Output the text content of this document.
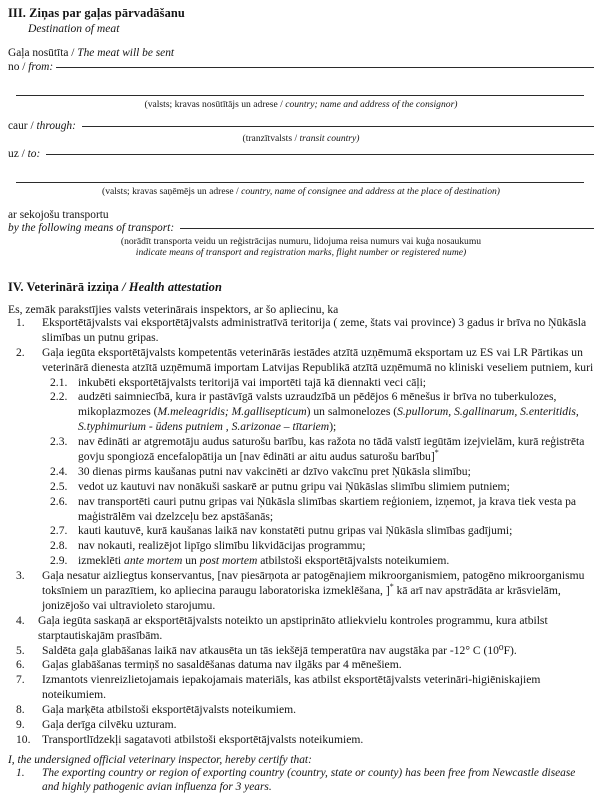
III. Ziņas par gaļas pārvadāšanu
Destination of meat
Gaļa nosūtīta / The meat will be sent
no / from:
(valsts; kravas nosūtītājs un adrese / country; name and address of the consignor)
caur / through:
(tranzītvalsts / transit country)
uz / to:
(valsts; kravas saņēmējs un adrese / country, name of consignee and address at the place of destination)
ar sekojošu transportu
by the following means of transport:
(norādīt transporta veidu un reģistrācijas numuru, lidojuma reisa numurs vai kuģa nosaukumu
indicate means of transport and registration marks, flight number or registered nume)
IV. Veterinārā izziņa / Health attestation
Es, zemāk parakstījies valsts veterinārais inspektors, ar šo apliecinu, ka
1.	Eksportētājvalsts vai eksportētājvalsts administratīvā teritorija ( zeme, štats vai province) 3 gadus ir brīva no Ņūkāsla slimības un putnu gripas.
2.	Gaļa iegūta eksportētājvalsts kompetentās veterinārās iestādes atzītā uzņēmumā eksportam uz ES vai LR Pārtikas un veterinārā dienesta atzītā uzņēmumā importam Latvijas Republikā atzītā uzņēmumā no kliniski veseliem putniem, kuri
2.1. inkubēti eksportētājvalsts teritorijā vai importēti tajā kā diennakti veci cāļi;
2.2. audzēti saimniecībā, kura ir pastāvīgā valsts uzraudzībā un pēdējos 6 mēnešus ir brīva no tuberkulozes, mikoplazmozes (M.meleagridis; M.gallisepticum) un salmonelozes (S.pullorum, S.gallinarum, S.enteritidis, S.typhimurium - ūdens putniem , S.arizonae – tītariem);
2.3. nav ēdināti ar atgremotāju audus saturošu barību, kas ražota no tādā valstī iegūtām izejvielām, kurā reģistrēta govju spongiozā encefalopātija un [nav ēdināti ar aitu audus saturošu barību]*
2.4. 30 dienas pirms kaušanas putni nav vakcinēti ar dzīvo vakcīnu pret Ņūkāsla slimību;
2.5. vedot uz kautuvi nav nonākuši saskarē ar putnu gripu vai Ņūkāslas slimību slimiem putniem;
2.6. nav transportēti cauri putnu gripas vai Ņūkāsla slimības skartiem reģioniem, izņemot, ja krava tiek vesta pa maģistrālēm vai dzelzceļu bez apstāšanās;
2.7. kauti kautuvē, kurā kaušanas laikā nav konstatēti putnu gripas vai Ņūkāsla slimības gadījumi;
2.8. nav nokauti, realizējot lipīgo slimību likvidācijas programmu;
2.9. izmeklēti ante mortem un post mortem atbilstoši eksportētājvalsts noteikumiem.
3.	Gaļa nesatur aizliegtus konservantus, [nav piesārņota ar patogēnajiem mikroorganismiem, patogēno mikroorganismu toksīniem un parazītiem, ko apliecina paraugu laboratoriska izmeklēšana, ]* kā arī nav apstrādāta ar krāsvielām, jonizējošo vai ultravioleto starojumu.
4.	Gaļa iegūta saskaņā ar eksportētājvalsts noteikto un apstiprināto atliekvielu kontroles programmu, kura atbilst starptautiskajām prasībām.
5.	Saldēta gaļa glabāšanas laikā nav atkausēta un tās iekšējā temperatūra nav augstāka par -12° C (10⁰F).
6.	Gaļas glabāšanas termiņš no sasaldēšanas datuma nav ilgāks par 4 mēnešiem.
7.	Izmantots vienreizlietojamais iepakojamais materiāls, kas atbilst eksportētājvalsts veterināri-higiēniskajiem noteikumiem.
8.	Gaļa marķēta atbilstoši eksportētājvalsts noteikumiem.
9.	Gaļa derīga cilvēku uzturam.
10. Transportlīdzekļi sagatavoti atbilstoši eksportētājvalsts noteikumiem.
I, the undersigned official veterinary inspector, hereby certify that:
1. The exporting country or region of exporting country (country, state or county) has been free from Newcastle disease and highly pathogenic avian influenza for 3 years.
